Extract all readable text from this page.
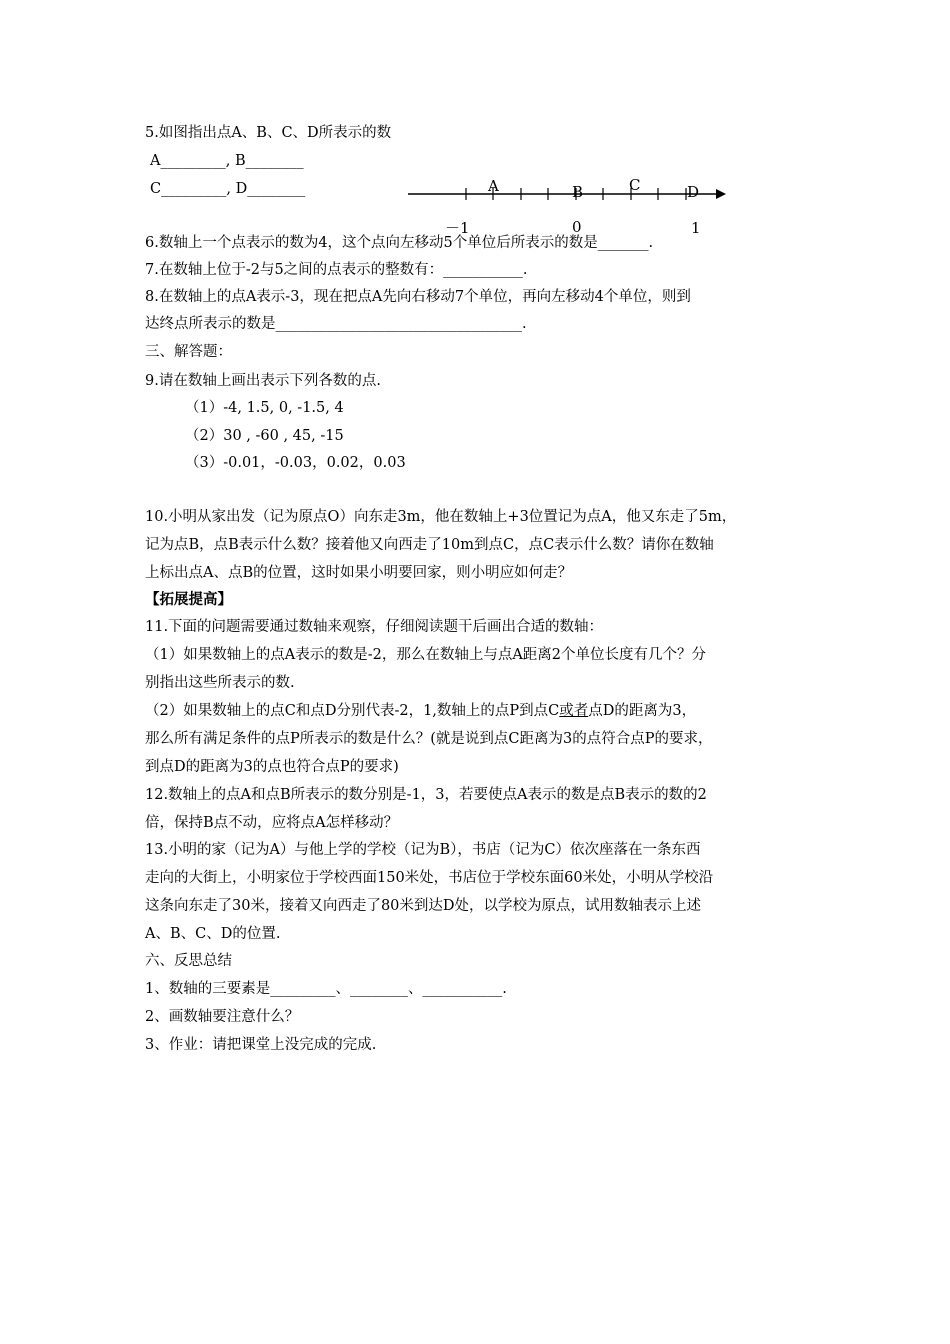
5.如图指出点A、B、C、D所表示的数
A_________, B________
C_________, D________	A	B	C	D
－1	0	1
6.数轴上一个点表示的数为4，这个点向左移动5个单位后所表示的数是_______.
7.在数轴上位于-2与5之间的点表示的整数有：___________.
8.在数轴上的点A表示-3，现在把点A先向右移动7个单位，再向左移动4个单位，则到
达终点所表示的数是__________________________________.
三、解答题：
9.请在数轴上画出表示下列各数的点.
（1）-4, 1.5, 0, -1.5, 4
（2）30 , -60 , 45, -15
（3）-0.01，-0.03，0.02，0.03
10.小明从家出发（记为原点O）向东走3m，他在数轴上+3位置记为点A，他又东走了5m，
记为点B，点B表示什么数？接着他又向西走了10m到点C，点C表示什么数？请你在数轴
上标出点A、点B的位置，这时如果小明要回家，则小明应如何走？
【拓展提高】
11.下面的问题需要通过数轴来观察，仔细阅读题干后画出合适的数轴：
（1）如果数轴上的点A表示的数是-2，那么在数轴上与点A距离2个单位长度有几个？分
别指出这些所表示的数.
（2）如果数轴上的点C和点D分别代表-2，1,数轴上的点P到点C或者点D的距离为3，
那么所有满足条件的点P所表示的数是什么？(就是说到点C距离为3的点符合点P的要求，
到点D的距离为3的点也符合点P的要求)
12.数轴上的点A和点B所表示的数分别是-1，3，若要使点A表示的数是点B表示的数的2
倍，保持B点不动，应将点A怎样移动？
13.小明的家（记为A）与他上学的学校（记为B），书店（记为C）依次座落在一条东西
走向的大街上，小明家位于学校西面150米处，书店位于学校东面60米处，小明从学校沿
这条向东走了30米，接着又向西走了80米到达D处，以学校为原点，试用数轴表示上述
A、B、C、D的位置.
六、反思总结
1、数轴的三要素是_________、________、___________.
2、画数轴要注意什么？
3、作业：请把课堂上没完成的完成.
